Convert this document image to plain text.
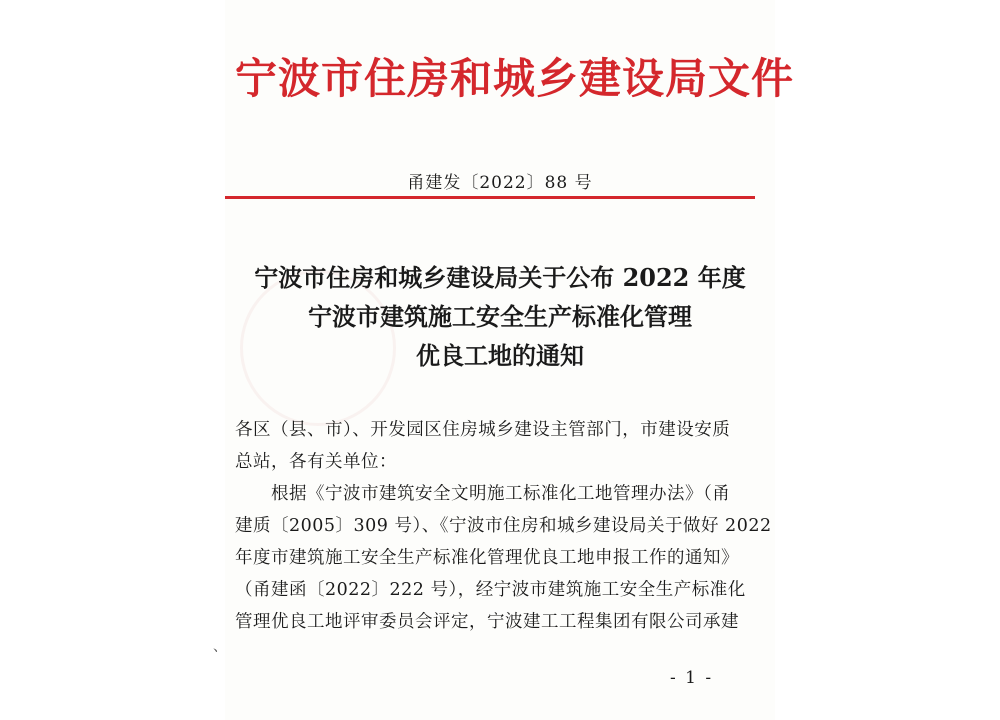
宁波市住房和城乡建设局文件
甬建发〔2022〕88 号
宁波市住房和城乡建设局关于公布 2022 年度
宁波市建筑施工安全生产标准化管理
优良工地的通知
各区（县、市）、开发园区住房城乡建设主管部门，市建设安质
总站，各有关单位：
根据《宁波市建筑安全文明施工标准化工地管理办法》（甬
建质〔2005〕309 号）、《宁波市住房和城乡建设局关于做好 2022
年度市建筑施工安全生产标准化管理优良工地申报工作的通知》
（甬建函〔2022〕222 号），经宁波市建筑施工安全生产标准化
管理优良工地评审委员会评定，宁波建工工程集团有限公司承建
、
- 1 -
